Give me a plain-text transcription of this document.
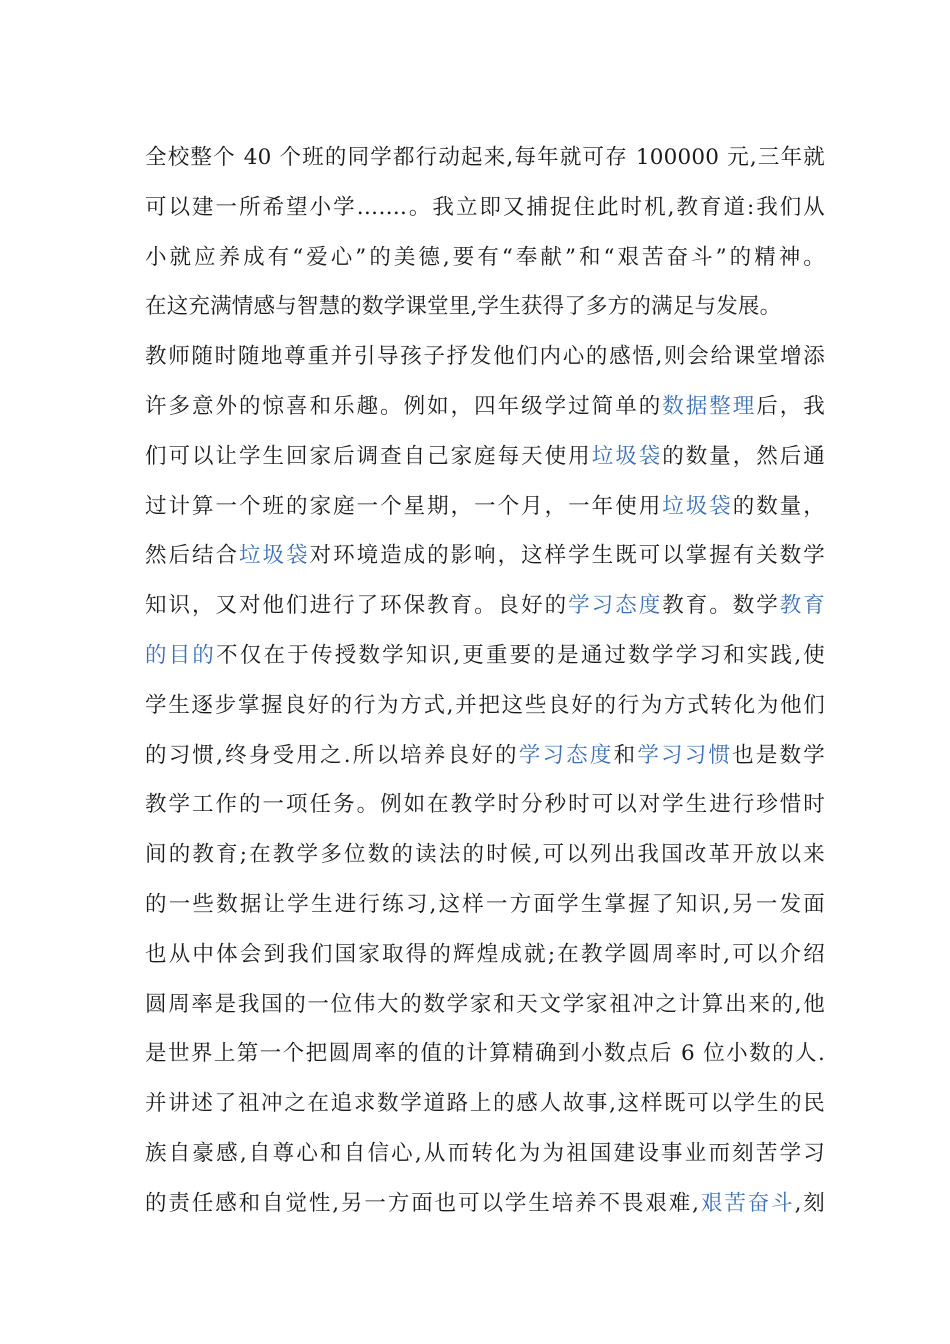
全校整个 40 个班的同学都行动起来,每年就可存 100000 元,三年就
可以建一所希望小学…….。我立即又捕捉住此时机,教育道:我们从
小就应养成有“爱心”的美德,要有“奉献”和“艰苦奋斗”的精神。
在这充满情感与智慧的数学课堂里,学生获得了多方的满足与发展。
教师随时随地尊重并引导孩子抒发他们内心的感悟,则会给课堂增添
许多意外的惊喜和乐趣。例如，四年级学过简单的数据整理后，我
们可以让学生回家后调查自己家庭每天使用垃圾袋的数量，然后通
过计算一个班的家庭一个星期，一个月，一年使用垃圾袋的数量，
然后结合垃圾袋对环境造成的影响，这样学生既可以掌握有关数学
知识，又对他们进行了环保教育。良好的学习态度教育。数学教育
的目的不仅在于传授数学知识,更重要的是通过数学学习和实践,使
学生逐步掌握良好的行为方式,并把这些良好的行为方式转化为他们
的习惯,终身受用之.所以培养良好的学习态度和学习习惯也是数学
教学工作的一项任务。例如在教学时分秒时可以对学生进行珍惜时
间的教育;在教学多位数的读法的时候,可以列出我国改革开放以来
的一些数据让学生进行练习,这样一方面学生掌握了知识,另一发面
也从中体会到我们国家取得的辉煌成就;在教学圆周率时,可以介绍
圆周率是我国的一位伟大的数学家和天文学家祖冲之计算出来的,他
是世界上第一个把圆周率的值的计算精确到小数点后 6 位小数的人.
并讲述了祖冲之在追求数学道路上的感人故事,这样既可以学生的民
族自豪感,自尊心和自信心,从而转化为为祖国建设事业而刻苦学习
的责任感和自觉性,另一方面也可以学生培养不畏艰难,艰苦奋斗,刻
